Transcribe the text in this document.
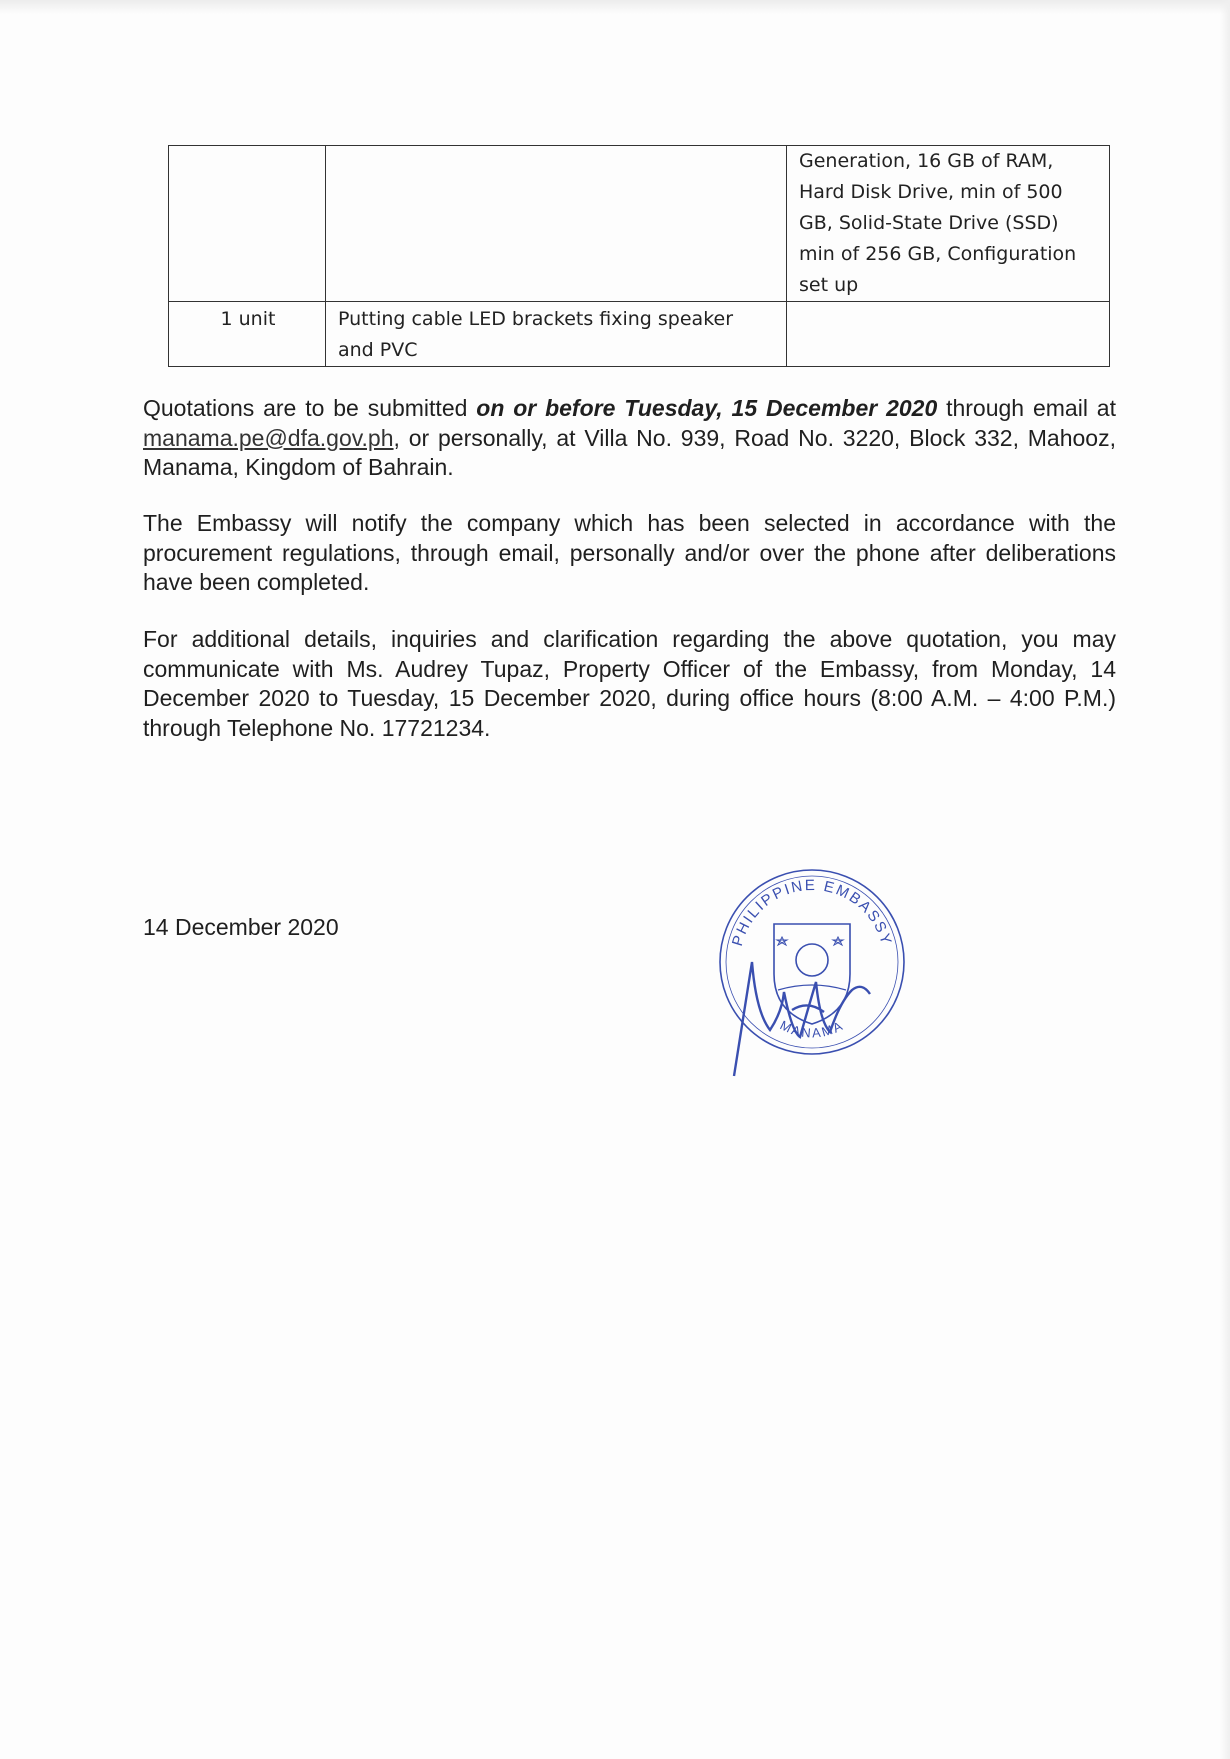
		Generation, 16 GB of RAM,
Hard Disk Drive, min of 500
GB, Solid-State Drive (SSD)
min of 256 GB, Configuration
set up

1 unit	Putting cable LED brackets fixing speaker
and PVC	

Quotations are to be submitted on or before Tuesday, 15 December 2020 through email at manama.pe@dfa.gov.ph, or personally, at Villa No. 939, Road No. 3220, Block 332, Mahooz, Manama, Kingdom of Bahrain.

The Embassy will notify the company which has been selected in accordance with the procurement regulations, through email, personally and/or over the phone after deliberations have been completed.

For additional details, inquiries and clarification regarding the above quotation, you may communicate with Ms. Audrey Tupaz, Property Officer of the Embassy, from Monday, 14 December 2020 to Tuesday, 15 December 2020, during office hours (8:00 A.M. – 4:00 P.M.) through Telephone No. 17721234.

14 December 2020	PHILIPPINE EMBASSY
MANAMA
